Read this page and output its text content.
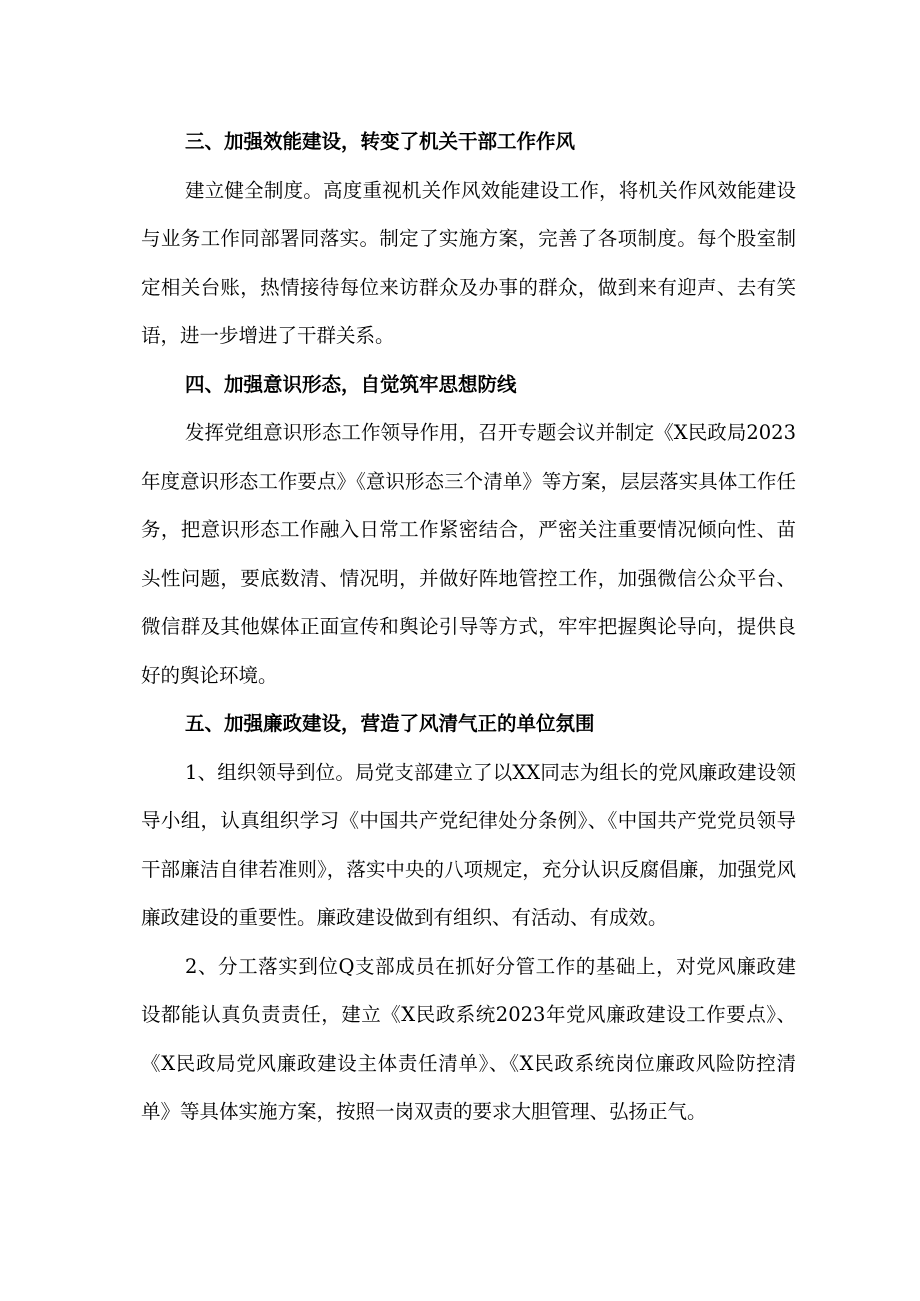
三、加强效能建设，转变了机关干部工作作风

建立健全制度。高度重视机关作风效能建设工作，将机关作风效能建设与业务工作同部署同落实。制定了实施方案，完善了各项制度。每个股室制定相关台账，热情接待每位来访群众及办事的群众，做到来有迎声、去有笑语，进一步增进了干群关系。

四、加强意识形态，自觉筑牢思想防线

发挥党组意识形态工作领导作用，召开专题会议并制定《X民政局2023年度意识形态工作要点》《意识形态三个清单》等方案，层层落实具体工作任务，把意识形态工作融入日常工作紧密结合，严密关注重要情况倾向性、苗头性问题，要底数清、情况明，并做好阵地管控工作，加强微信公众平台、微信群及其他媒体正面宣传和舆论引导等方式，牢牢把握舆论导向，提供良好的舆论环境。

五、加强廉政建设，营造了风清气正的单位氛围

1、组织领导到位。局党支部建立了以XX同志为组长的党风廉政建设领导小组，认真组织学习《中国共产党纪律处分条例》、《中国共产党党员领导干部廉洁自律若准则》，落实中央的八项规定，充分认识反腐倡廉，加强党风廉政建设的重要性。廉政建设做到有组织、有活动、有成效。

2、分工落实到位Q支部成员在抓好分管工作的基础上，对党风廉政建设都能认真负责责任，建立《X民政系统2023年党风廉政建设工作要点》、《X民政局党风廉政建设主体责任清单》、《X民政系统岗位廉政风险防控清单》等具体实施方案，按照一岗双责的要求大胆管理、弘扬正气。
